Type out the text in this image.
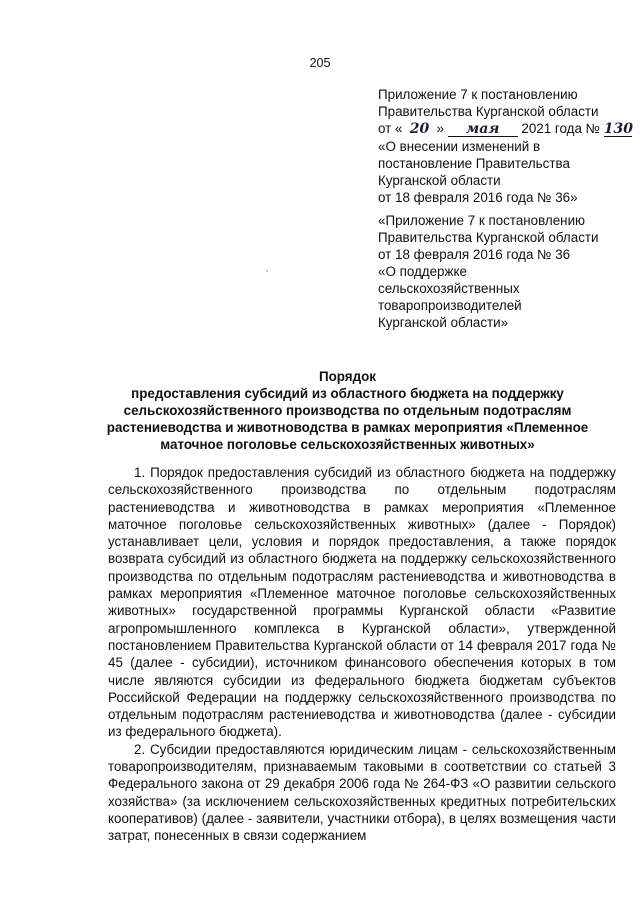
205
Приложение 7 к постановлению
Правительства Курганской области
от « 20 » мая 2021 года № 130
«О внесении изменений в
постановление Правительства
Курганской области
от 18 февраля 2016 года № 36»
«Приложение 7 к постановлению
Правительства Курганской области
от 18 февраля 2016 года № 36
«О поддержке
сельскохозяйственных
товаропроизводителей
Курганской области»
Порядок
предоставления субсидий из областного бюджета на поддержку
сельскохозяйственного производства по отдельным подотраслям
растениеводства и животноводства в рамках мероприятия «Племенное
маточное поголовье сельскохозяйственных животных»

1. Порядок предоставления субсидий из областного бюджета на поддержку сельскохозяйственного производства по отдельным подотраслям растениеводства и животноводства в рамках мероприятия «Племенное маточное поголовье сельскохозяйственных животных» (далее - Порядок) устанавливает цели, условия и порядок предоставления, а также порядок возврата субсидий из областного бюджета на поддержку сельскохозяйственного производства по отдельным подотраслям растениеводства и животноводства в рамках мероприятия «Племенное маточное поголовье сельскохозяйственных животных» государственной программы Курганской области «Развитие агропромышленного комплекса в Курганской области», утвержденной постановлением Правительства Курганской области от 14 февраля 2017 года № 45 (далее - субсидии), источником финансового обеспечения которых в том числе являются субсидии из федерального бюджета бюджетам субъектов Российской Федерации на поддержку сельскохозяйственного производства по отдельным подотраслям растениеводства и животноводства (далее - субсидии из федерального бюджета).

2. Субсидии предоставляются юридическим лицам - сельскохозяйственным товаропроизводителям, признаваемым таковыми в соответствии со статьей 3 Федерального закона от 29 декабря 2006 года № 264-ФЗ «О развитии сельского хозяйства» (за исключением сельскохозяйственных кредитных потребительских кооперативов) (далее - заявители, участники отбора), в целях возмещения части затрат, понесенных в связи содержанием
